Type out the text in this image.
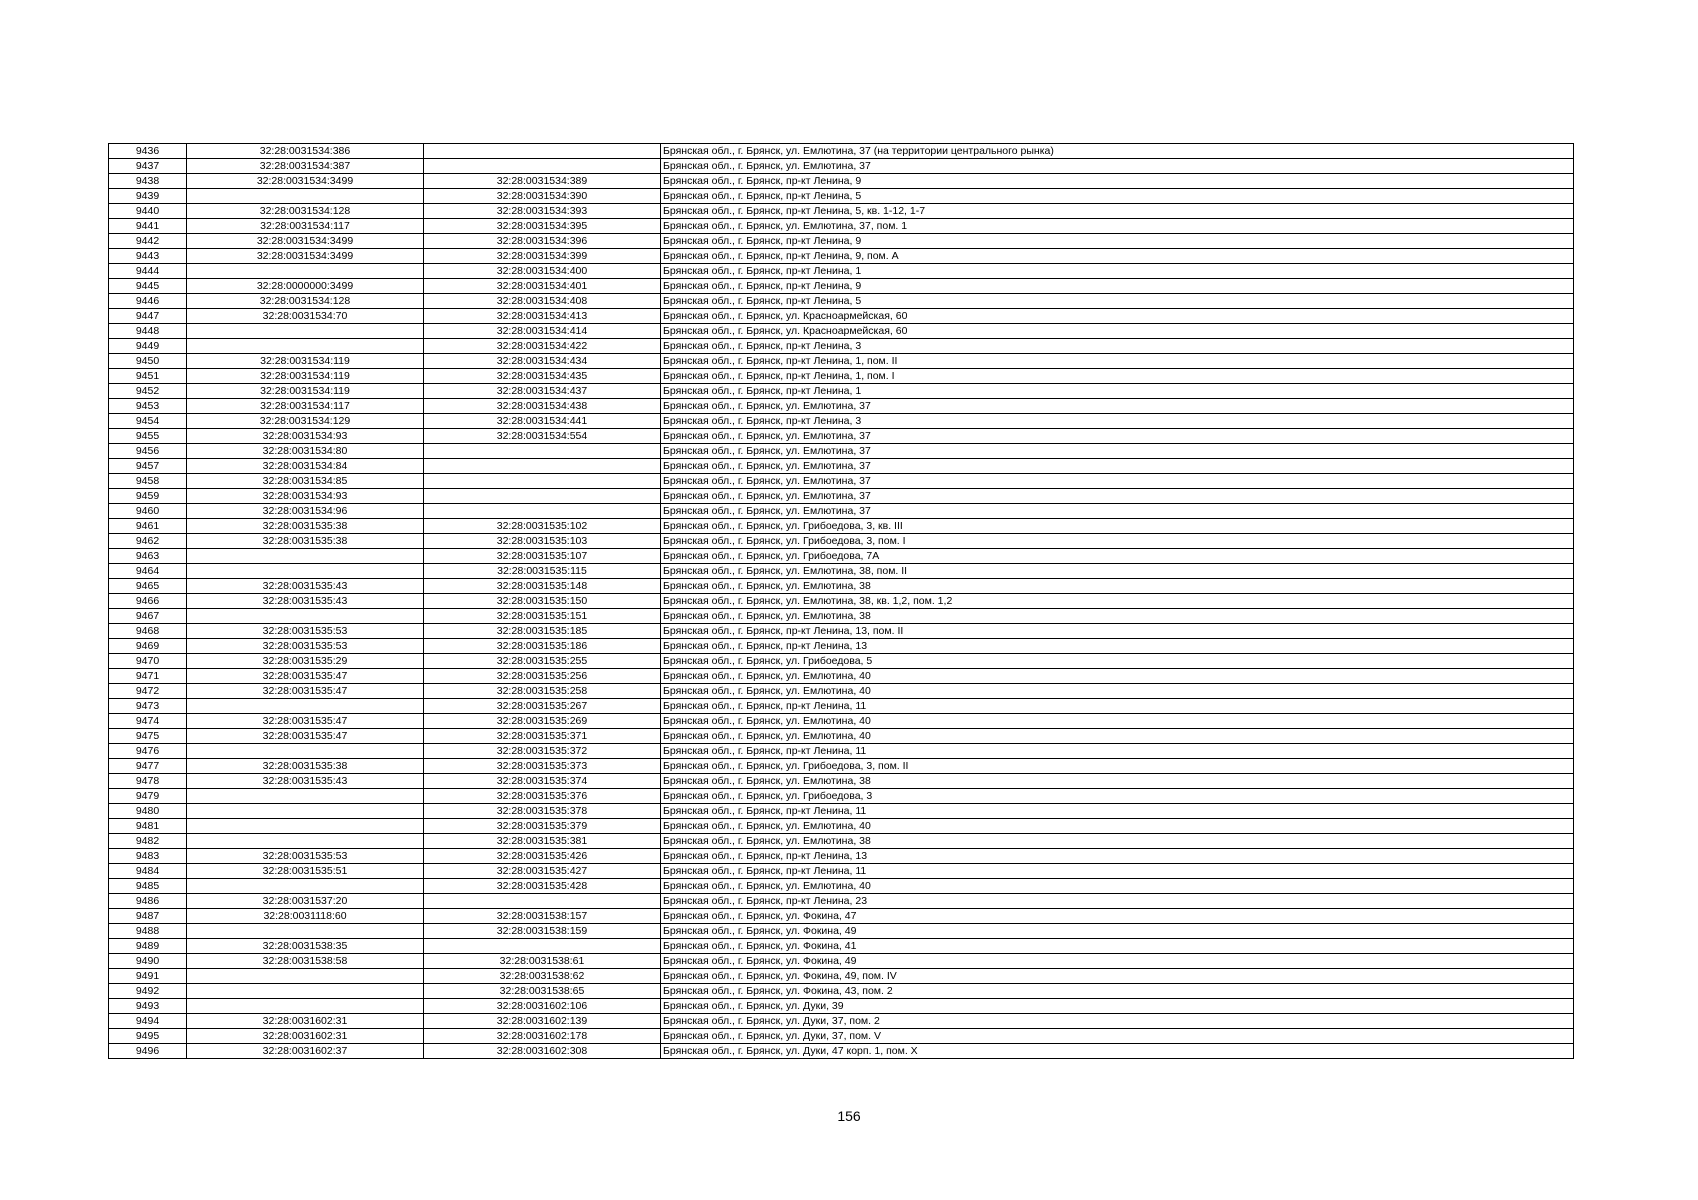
9436	32:28:0031534:386		Брянская обл., г. Брянск, ул. Емлютина, 37 (на территории центрального рынка)
9437	32:28:0031534:387		Брянская обл., г. Брянск, ул. Емлютина, 37
9438	32:28:0031534:3499	32:28:0031534:389	Брянская обл., г. Брянск, пр-кт Ленина, 9
9439		32:28:0031534:390	Брянская обл., г. Брянск, пр-кт Ленина, 5
9440	32:28:0031534:128	32:28:0031534:393	Брянская обл., г. Брянск, пр-кт Ленина, 5, кв. 1-12, 1-7
9441	32:28:0031534:117	32:28:0031534:395	Брянская обл., г. Брянск, ул. Емлютина, 37, пом. 1
9442	32:28:0031534:3499	32:28:0031534:396	Брянская обл., г. Брянск, пр-кт Ленина, 9
9443	32:28:0031534:3499	32:28:0031534:399	Брянская обл., г. Брянск, пр-кт Ленина, 9, пом. А
9444		32:28:0031534:400	Брянская обл., г. Брянск, пр-кт Ленина, 1
9445	32:28:0000000:3499	32:28:0031534:401	Брянская обл., г. Брянск, пр-кт Ленина, 9
9446	32:28:0031534:128	32:28:0031534:408	Брянская обл., г. Брянск, пр-кт Ленина, 5
9447	32:28:0031534:70	32:28:0031534:413	Брянская обл., г. Брянск, ул. Красноармейская, 60
9448		32:28:0031534:414	Брянская обл., г. Брянск, ул. Красноармейская, 60
9449		32:28:0031534:422	Брянская обл., г. Брянск, пр-кт Ленина, 3
9450	32:28:0031534:119	32:28:0031534:434	Брянская обл., г. Брянск, пр-кт Ленина, 1, пом. II
9451	32:28:0031534:119	32:28:0031534:435	Брянская обл., г. Брянск, пр-кт Ленина, 1, пом. I
9452	32:28:0031534:119	32:28:0031534:437	Брянская обл., г. Брянск, пр-кт Ленина, 1
9453	32:28:0031534:117	32:28:0031534:438	Брянская обл., г. Брянск, ул. Емлютина, 37
9454	32:28:0031534:129	32:28:0031534:441	Брянская обл., г. Брянск, пр-кт Ленина, 3
9455	32:28:0031534:93	32:28:0031534:554	Брянская обл., г. Брянск, ул. Емлютина, 37
9456	32:28:0031534:80		Брянская обл., г. Брянск, ул. Емлютина, 37
9457	32:28:0031534:84		Брянская обл., г. Брянск, ул. Емлютина, 37
9458	32:28:0031534:85		Брянская обл., г. Брянск, ул. Емлютина, 37
9459	32:28:0031534:93		Брянская обл., г. Брянск, ул. Емлютина, 37
9460	32:28:0031534:96		Брянская обл., г. Брянск, ул. Емлютина, 37
9461	32:28:0031535:38	32:28:0031535:102	Брянская обл., г. Брянск, ул. Грибоедова, 3, кв. III
9462	32:28:0031535:38	32:28:0031535:103	Брянская обл., г. Брянск, ул. Грибоедова, 3, пом. I
9463		32:28:0031535:107	Брянская обл., г. Брянск, ул. Грибоедова, 7А
9464		32:28:0031535:115	Брянская обл., г. Брянск, ул. Емлютина, 38, пом. II
9465	32:28:0031535:43	32:28:0031535:148	Брянская обл., г. Брянск, ул. Емлютина, 38
9466	32:28:0031535:43	32:28:0031535:150	Брянская обл., г. Брянск, ул. Емлютина, 38, кв. 1,2, пом. 1,2
9467		32:28:0031535:151	Брянская обл., г. Брянск, ул. Емлютина, 38
9468	32:28:0031535:53	32:28:0031535:185	Брянская обл., г. Брянск, пр-кт Ленина, 13, пом. II
9469	32:28:0031535:53	32:28:0031535:186	Брянская обл., г. Брянск, пр-кт Ленина, 13
9470	32:28:0031535:29	32:28:0031535:255	Брянская обл., г. Брянск, ул. Грибоедова, 5
9471	32:28:0031535:47	32:28:0031535:256	Брянская обл., г. Брянск, ул. Емлютина, 40
9472	32:28:0031535:47	32:28:0031535:258	Брянская обл., г. Брянск, ул. Емлютина, 40
9473		32:28:0031535:267	Брянская обл., г. Брянск, пр-кт Ленина, 11
9474	32:28:0031535:47	32:28:0031535:269	Брянская обл., г. Брянск, ул. Емлютина, 40
9475	32:28:0031535:47	32:28:0031535:371	Брянская обл., г. Брянск, ул. Емлютина, 40
9476		32:28:0031535:372	Брянская обл., г. Брянск, пр-кт Ленина, 11
9477	32:28:0031535:38	32:28:0031535:373	Брянская обл., г. Брянск, ул. Грибоедова, 3, пом. II
9478	32:28:0031535:43	32:28:0031535:374	Брянская обл., г. Брянск, ул. Емлютина, 38
9479		32:28:0031535:376	Брянская обл., г. Брянск, ул. Грибоедова, 3
9480		32:28:0031535:378	Брянская обл., г. Брянск, пр-кт Ленина, 11
9481		32:28:0031535:379	Брянская обл., г. Брянск, ул. Емлютина, 40
9482		32:28:0031535:381	Брянская обл., г. Брянск, ул. Емлютина, 38
9483	32:28:0031535:53	32:28:0031535:426	Брянская обл., г. Брянск, пр-кт Ленина, 13
9484	32:28:0031535:51	32:28:0031535:427	Брянская обл., г. Брянск, пр-кт Ленина, 11
9485		32:28:0031535:428	Брянская обл., г. Брянск, ул. Емлютина, 40
9486	32:28:0031537:20		Брянская обл., г. Брянск, пр-кт Ленина, 23
9487	32:28:0031118:60	32:28:0031538:157	Брянская обл., г. Брянск, ул. Фокина, 47
9488		32:28:0031538:159	Брянская обл., г. Брянск, ул. Фокина, 49
9489	32:28:0031538:35		Брянская обл., г. Брянск, ул. Фокина, 41
9490	32:28:0031538:58	32:28:0031538:61	Брянская обл., г. Брянск, ул. Фокина, 49
9491		32:28:0031538:62	Брянская обл., г. Брянск, ул. Фокина, 49, пом. IV
9492		32:28:0031538:65	Брянская обл., г. Брянск, ул. Фокина, 43, пом. 2
9493		32:28:0031602:106	Брянская обл., г. Брянск, ул. Дуки, 39
9494	32:28:0031602:31	32:28:0031602:139	Брянская обл., г. Брянск, ул. Дуки, 37, пом. 2
9495	32:28:0031602:31	32:28:0031602:178	Брянская обл., г. Брянск, ул. Дуки, 37, пом. V
9496	32:28:0031602:37	32:28:0031602:308	Брянская обл., г. Брянск, ул. Дуки, 47 корп. 1, пом. X
156
